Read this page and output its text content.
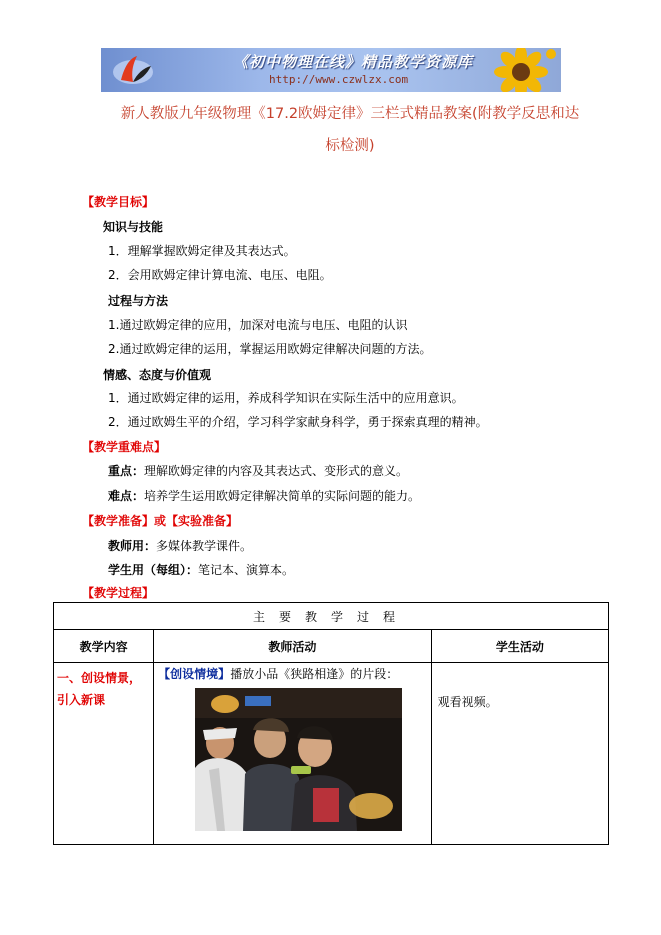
《初中物理在线》精品教学资源库
http://www.czwlzx.com
新人教版九年级物理《17.2欧姆定律》三栏式精品教案(附教学反思和达
标检测)
【教学目标】
知识与技能
1．理解掌握欧姆定律及其表达式。
2．会用欧姆定律计算电流、电压、电阻。
过程与方法
1.通过欧姆定律的应用，加深对电流与电压、电阻的认识
2.通过欧姆定律的运用，掌握运用欧姆定律解决问题的方法。
情感、态度与价值观
1．通过欧姆定律的运用，养成科学知识在实际生活中的应用意识。
2．通过欧姆生平的介绍，学习科学家献身科学，勇于探索真理的精神。
【教学重难点】
重点：理解欧姆定律的内容及其表达式、变形式的意义。
难点：培养学生运用欧姆定律解决简单的实际问题的能力。
【教学准备】或【实验准备】
教师用：多媒体教学课件。
学生用（每组）：笔记本、演算本。
【教学过程】
主要教学过程		
教学内容	教师活动	学生活动
一、创设情景，引入新课	【创设情境】播放小品《狭路相逢》的片段：	观看视频。
